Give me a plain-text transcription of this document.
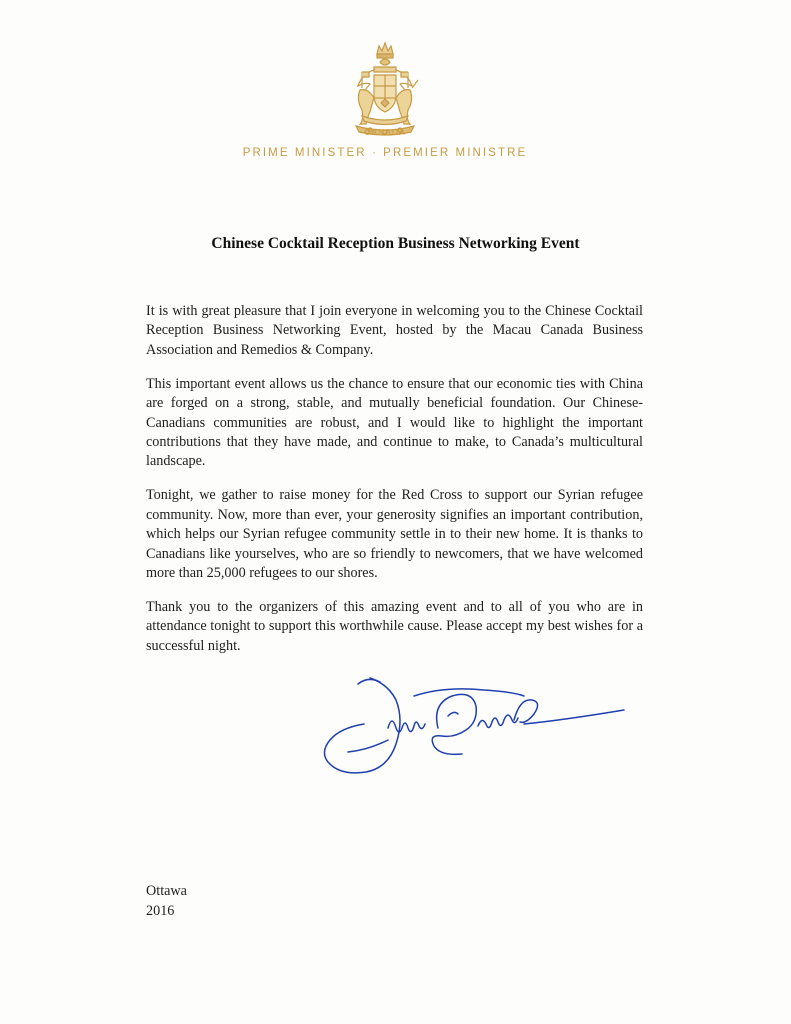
CANADA
PRIME MINISTER · PREMIER MINISTRE
Chinese Cocktail Reception Business Networking Event

It is with great pleasure that I join everyone in welcoming you to the Chinese Cocktail Reception Business Networking Event, hosted by the Macau Canada Business Association and Remedios & Company.

This important event allows us the chance to ensure that our economic ties with China are forged on a strong, stable, and mutually beneficial foundation. Our Chinese-Canadians communities are robust, and I would like to highlight the important contributions that they have made, and continue to make, to Canada’s multicultural landscape.

Tonight, we gather to raise money for the Red Cross to support our Syrian refugee community. Now, more than ever, your generosity signifies an important contribution, which helps our Syrian refugee community settle in to their new home. It is thanks to Canadians like yourselves, who are so friendly to newcomers, that we have welcomed more than 25,000 refugees to our shores.

Thank you to the organizers of this amazing event and to all of you who are in attendance tonight to support this worthwhile cause. Please accept my best wishes for a successful night.

Ottawa
2016
